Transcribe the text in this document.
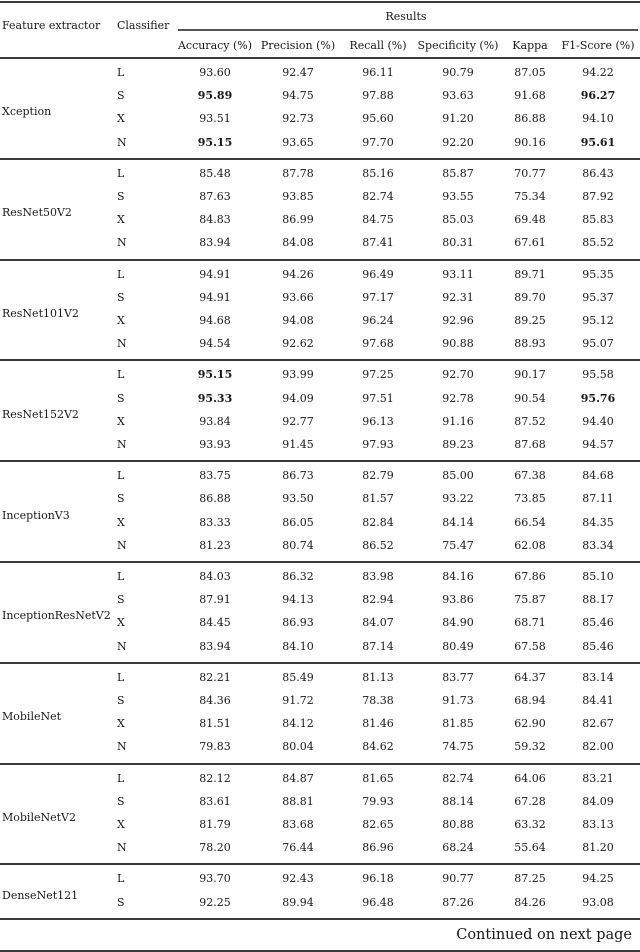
Feature extractor Classifier
Results
Accuracy (%) Precision (%) Recall (%) Specificity (%) Kappa F1-Score (%)
Xception
L	93.60	92.47	96.11	90.79	87.05	94.22
S	95.89	94.75	97.88	93.63	91.68	96.27
X	93.51	92.73	95.60	91.20	86.88	94.10
N	95.15	93.65	97.70	92.20	90.16	95.61
ResNet50V2
L	85.48	87.78	85.16	85.87	70.77	86.43
S	87.63	93.85	82.74	93.55	75.34	87.92
X	84.83	86.99	84.75	85.03	69.48	85.83
N	83.94	84.08	87.41	80.31	67.61	85.52
ResNet101V2
L	94.91	94.26	96.49	93.11	89.71	95.35
S	94.91	93.66	97.17	92.31	89.70	95.37
X	94.68	94.08	96.24	92.96	89.25	95.12
N	94.54	92.62	97.68	90.88	88.93	95.07
ResNet152V2
L	95.15	93.99	97.25	92.70	90.17	95.58
S	95.33	94.09	97.51	92.78	90.54	95.76
X	93.84	92.77	96.13	91.16	87.52	94.40
N	93.93	91.45	97.93	89.23	87.68	94.57
InceptionV3
L	83.75	86.73	82.79	85.00	67.38	84.68
S	86.88	93.50	81.57	93.22	73.85	87.11
X	83.33	86.05	82.84	84.14	66.54	84.35
N	81.23	80.74	86.52	75.47	62.08	83.34
InceptionResNetV2
L	84.03	86.32	83.98	84.16	67.86	85.10
S	87.91	94.13	82.94	93.86	75.87	88.17
X	84.45	86.93	84.07	84.90	68.71	85.46
N	83.94	84.10	87.14	80.49	67.58	85.46
MobileNet
L	82.21	85.49	81.13	83.77	64.37	83.14
S	84.36	91.72	78.38	91.73	68.94	84.41
X	81.51	84.12	81.46	81.85	62.90	82.67
N	79.83	80.04	84.62	74.75	59.32	82.00
MobileNetV2
L	82.12	84.87	81.65	82.74	64.06	83.21
S	83.61	88.81	79.93	88.14	67.28	84.09
X	81.79	83.68	82.65	80.88	63.32	83.13
N	78.20	76.44	86.96	68.24	55.64	81.20
DenseNet121
L	93.70	92.43	96.18	90.77	87.25	94.25
S	92.25	89.94	96.48	87.26	84.26	93.08
Continued on next page
